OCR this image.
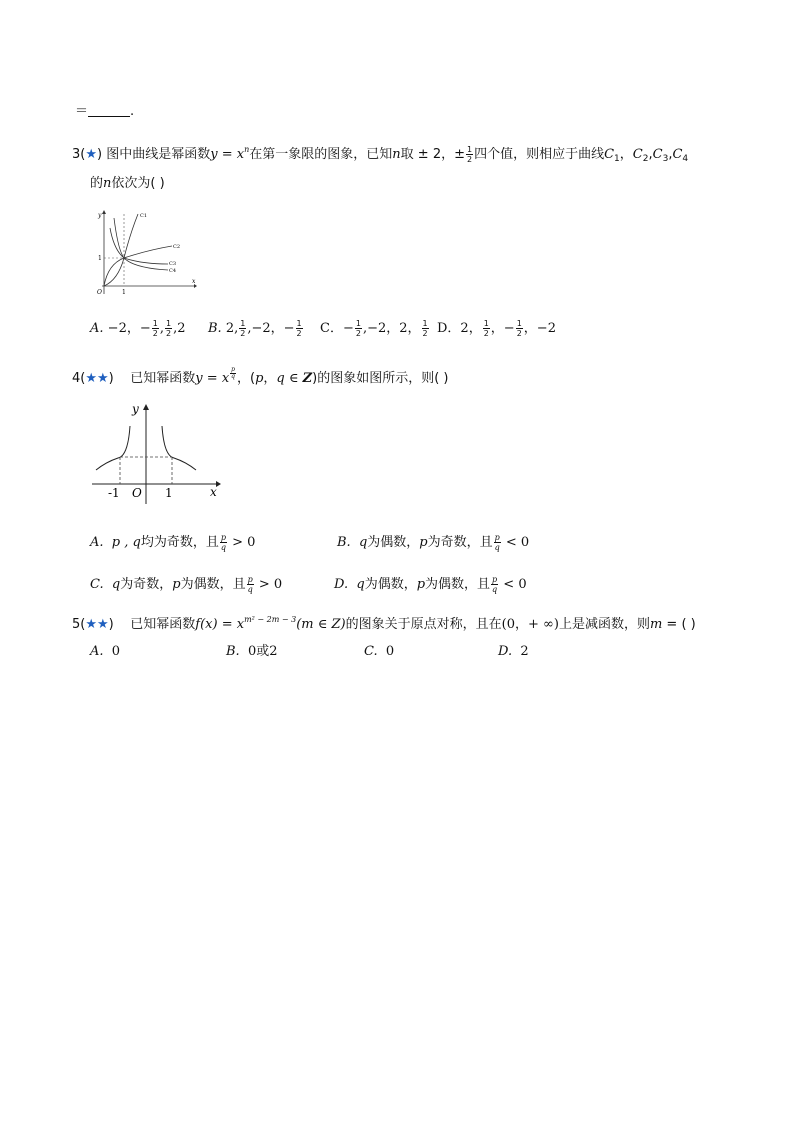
＝	.
3(★) 图中曲线是幂函数$y = x^n$在第一象限的图象，已知n取 ± 2，± $\frac{1}{2}$ 四个值，则相应于曲线$C_1$，$C_2,C_3,C_4$
的n依次为( )
y
x
O	1
1
C1
C2
C3
C4
A. −2，− $\frac{1}{2}$ , $\frac{1}{2} ,2$ B. 2, $\frac{1}{2} ,-2$，− $\frac{1}{2}$ C．− $\frac{1}{2} ,-2$，2， $\frac{1}{2}$ D．2， $\frac{1}{2}$ ，− $\frac{1}{2}$ ，−2
4(★★) 已知幂函数y = x $^{\frac{p}{q}}$ ，(p，q ∈ Z)的图象如图所示，则( )
y
x
O
-1	1
A. p , q均为奇数，且 $\frac{p}{q} > 0$	B. q为偶数，p为奇数，且 $\frac{p}{q} < 0$
C. q为奇数，p为偶数，且 $\frac{p}{q} > 0$	D. q为偶数，p为偶数，且 $\frac{p}{q} < 0$
5(★★) 已知幂函数$f(x) = x^{m^2 - 2m - 3}(m$ ∈ Z)的图象关于原点对称，且在(0，+ ∞)上是减函数，则m = ( )
A. 0	B. 0或2	C. 0	D. 2
